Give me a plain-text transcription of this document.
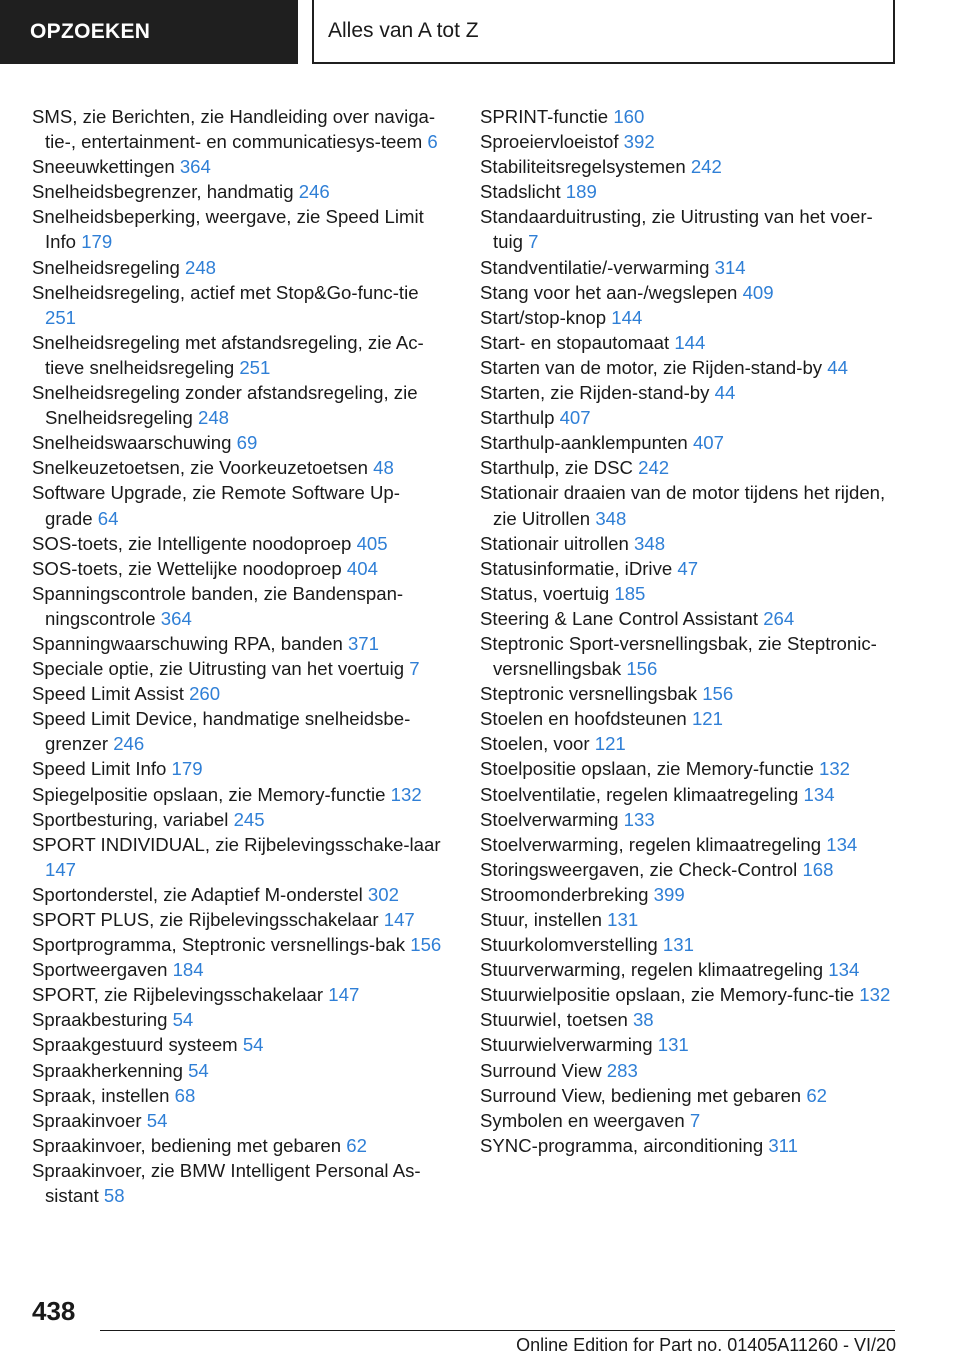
OPZOEKEN	Alles van A tot Z
SMS, zie Berichten, zie Handleiding over naviga-tie-, entertainment- en communicatiesys-teem 6
Sneeuwkettingen 364
Snelheidsbegrenzer, handmatig 246
Snelheidsbeperking, weergave, zie Speed Limit Info 179
Snelheidsregeling 248
Snelheidsregeling, actief met Stop&Go-func-tie 251
Snelheidsregeling met afstandsregeling, zie Ac-tieve snelheidsregeling 251
Snelheidsregeling zonder afstandsregeling, zie Snelheidsregeling 248
Snelheidswaarschuwing 69
Snelkeuzetoetsen, zie Voorkeuzetoetsen 48
Software Upgrade, zie Remote Software Up-grade 64
SOS-toets, zie Intelligente noodoproep 405
SOS-toets, zie Wettelijke noodoproep 404
Spanningscontrole banden, zie Bandenspan-ningscontrole 364
Spanningwaarschuwing RPA, banden 371
Speciale optie, zie Uitrusting van het voertuig 7
Speed Limit Assist 260
Speed Limit Device, handmatige snelheidsbe-grenzer 246
Speed Limit Info 179
Spiegelpositie opslaan, zie Memory-functie 132
Sportbesturing, variabel 245
SPORT INDIVIDUAL, zie Rijbelevingsschake-laar 147
Sportonderstel, zie Adaptief M-onderstel 302
SPORT PLUS, zie Rijbelevingsschakelaar 147
Sportprogramma, Steptronic versnellings-bak 156
Sportweergaven 184
SPORT, zie Rijbelevingsschakelaar 147
Spraakbesturing 54
Spraakgestuurd systeem 54
Spraakherkenning 54
Spraak, instellen 68
Spraakinvoer 54
Spraakinvoer, bediening met gebaren 62
Spraakinvoer, zie BMW Intelligent Personal As-sistant 58
SPRINT-functie 160
Sproeiervloeistof 392
Stabiliteitsregelsystemen 242
Stadslicht 189
Standaarduitrusting, zie Uitrusting van het voer-tuig 7
Standventilatie/-verwarming 314
Stang voor het aan-/wegslepen 409
Start/stop-knop 144
Start- en stopautomaat 144
Starten van de motor, zie Rijden-stand-by 44
Starten, zie Rijden-stand-by 44
Starthulp 407
Starthulp-aanklempunten 407
Starthulp, zie DSC 242
Stationair draaien van de motor tijdens het rijden, zie Uitrollen 348
Stationair uitrollen 348
Statusinformatie, iDrive 47
Status, voertuig 185
Steering & Lane Control Assistant 264
Steptronic Sport-versnellingsbak, zie Steptronic-versnellingsbak 156
Steptronic versnellingsbak 156
Stoelen en hoofdsteunen 121
Stoelen, voor 121
Stoelpositie opslaan, zie Memory-functie 132
Stoelventilatie, regelen klimaatregeling 134
Stoelverwarming 133
Stoelverwarming, regelen klimaatregeling 134
Storingsweergaven, zie Check-Control 168
Stroomonderbreking 399
Stuur, instellen 131
Stuurkolomverstelling 131
Stuurverwarming, regelen klimaatregeling 134
Stuurwielpositie opslaan, zie Memory-func-tie 132
Stuurwiel, toetsen 38
Stuurwielverwarming 131
Surround View 283
Surround View, bediening met gebaren 62
Symbolen en weergaven 7
SYNC-programma, airconditioning 311
438
Online Edition for Part no. 01405A11260 - VI/20
